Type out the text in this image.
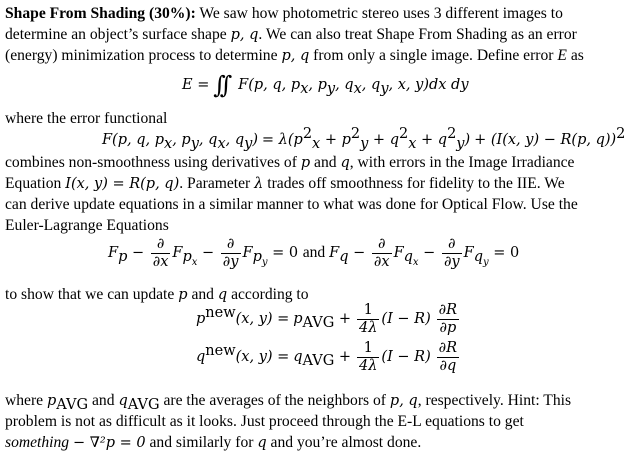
Shape From Shading (30%): We saw how photometric stereo uses 3 different images to
determine an object’s surface shape p, q. We can also treat Shape From Shading as an error
(energy) minimization process to determine p, q from only a single image. Define error E as
E = ∫∫ F(p, q, $p_x$, $p_y$, $q_x$, $q_y$, x, y)dx dy
where the error functional
F(p, q, $p_x$, $p_y$, $q_x$, $q_y) = \lambda(p^2_x + p^2_y + q^2_x + q^2_y) + (I(x$, y) − R(p, q))$^2$
combines non-smoothness using derivatives of p and q, with errors in the Image Irradiance
Equation I(x, y) = R(p, q). Parameter λ trades off smoothness for fidelity to the IIE. We
can derive update equations in a similar manner to what was done for Optical Flow. Use the
Euler-Lagrange Equations
$F_p - \frac{\partial}{\partial x} F_{p_x} - \frac{\partial}{\partial y} F_{p_y} = 0$ and $F_q - \frac{\partial}{\partial x} F_{q_x} - \frac{\partial}{\partial y} F_{q_y} = 0$
to show that we can update p and q according to
$p^{new}(x$, $y) = p_{AVG} + \frac{1}{4\lambda} (I - R) \frac{\partial R}{\partial p}$
$q^{new}(x$, $y) = q_{AVG} + \frac{1}{4\lambda} (I - R) \frac{\partial R}{\partial q}$
where $p_{AVG}$ and $q_{AVG}$ are the averages of the neighbors of p, q, respectively. Hint: This
problem is not as difficult as it looks. Just proceed through the E-L equations to get
something − ∇²p = 0 and similarly for q and you’re almost done.
